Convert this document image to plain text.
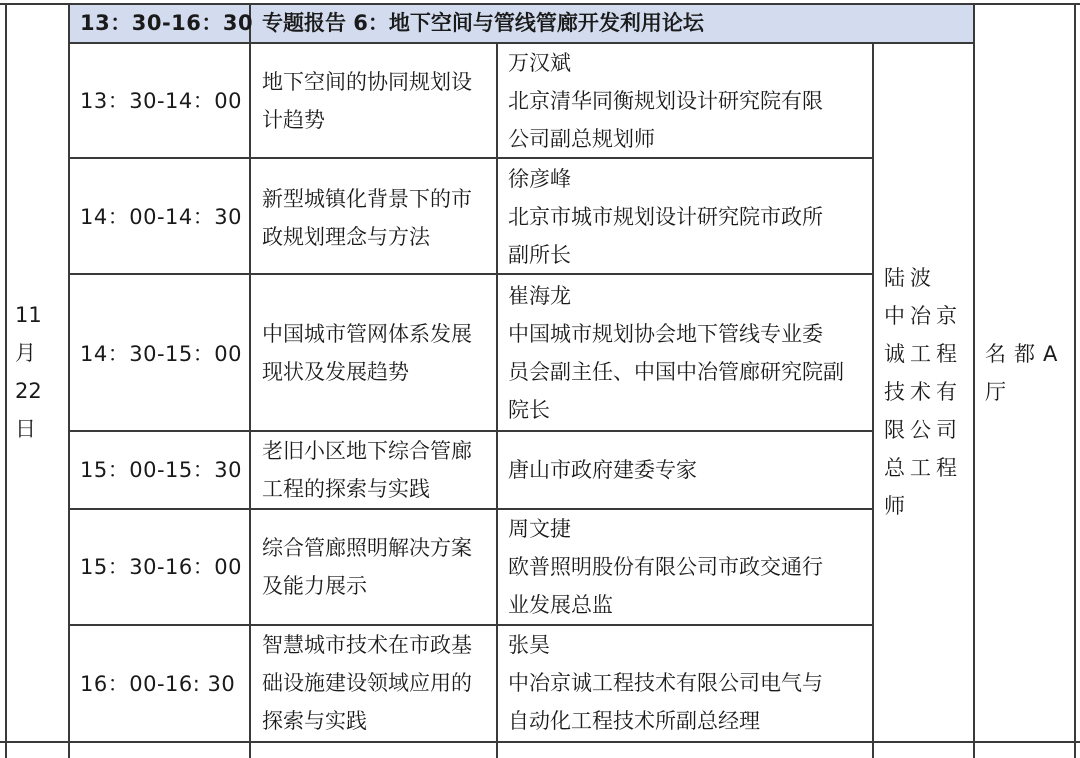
13：30-16：30 专题报告 6：地下空间与管线管廊开发利用论坛
11
月
22
日
13：30-14：00
地下空间的协同规划设
计趋势
万汉斌
北京清华同衡规划设计研究院有限
公司副总规划师
14：00-14：30
新型城镇化背景下的市
政规划理念与方法
徐彦峰
北京市城市规划设计研究院市政所
副所长
14：30-15：00
中国城市管网体系发展
现状及发展趋势
崔海龙
中国城市规划协会地下管线专业委
员会副主任、中国中冶管廊研究院副
院长
15：00-15：30
老旧小区地下综合管廊
工程的探索与实践
唐山市政府建委专家
15：30-16：00
综合管廊照明解决方案
及能力展示
周文捷
欧普照明股份有限公司市政交通行
业发展总监
16：00-16: 30
智慧城市技术在市政基
础设施建设领域应用的
探索与实践
张昊
中冶京诚工程技术有限公司电气与
自动化工程技术所副总经理
陆波
中冶京
诚工程
技术有
限公司
总工程
师
名都A
厅
